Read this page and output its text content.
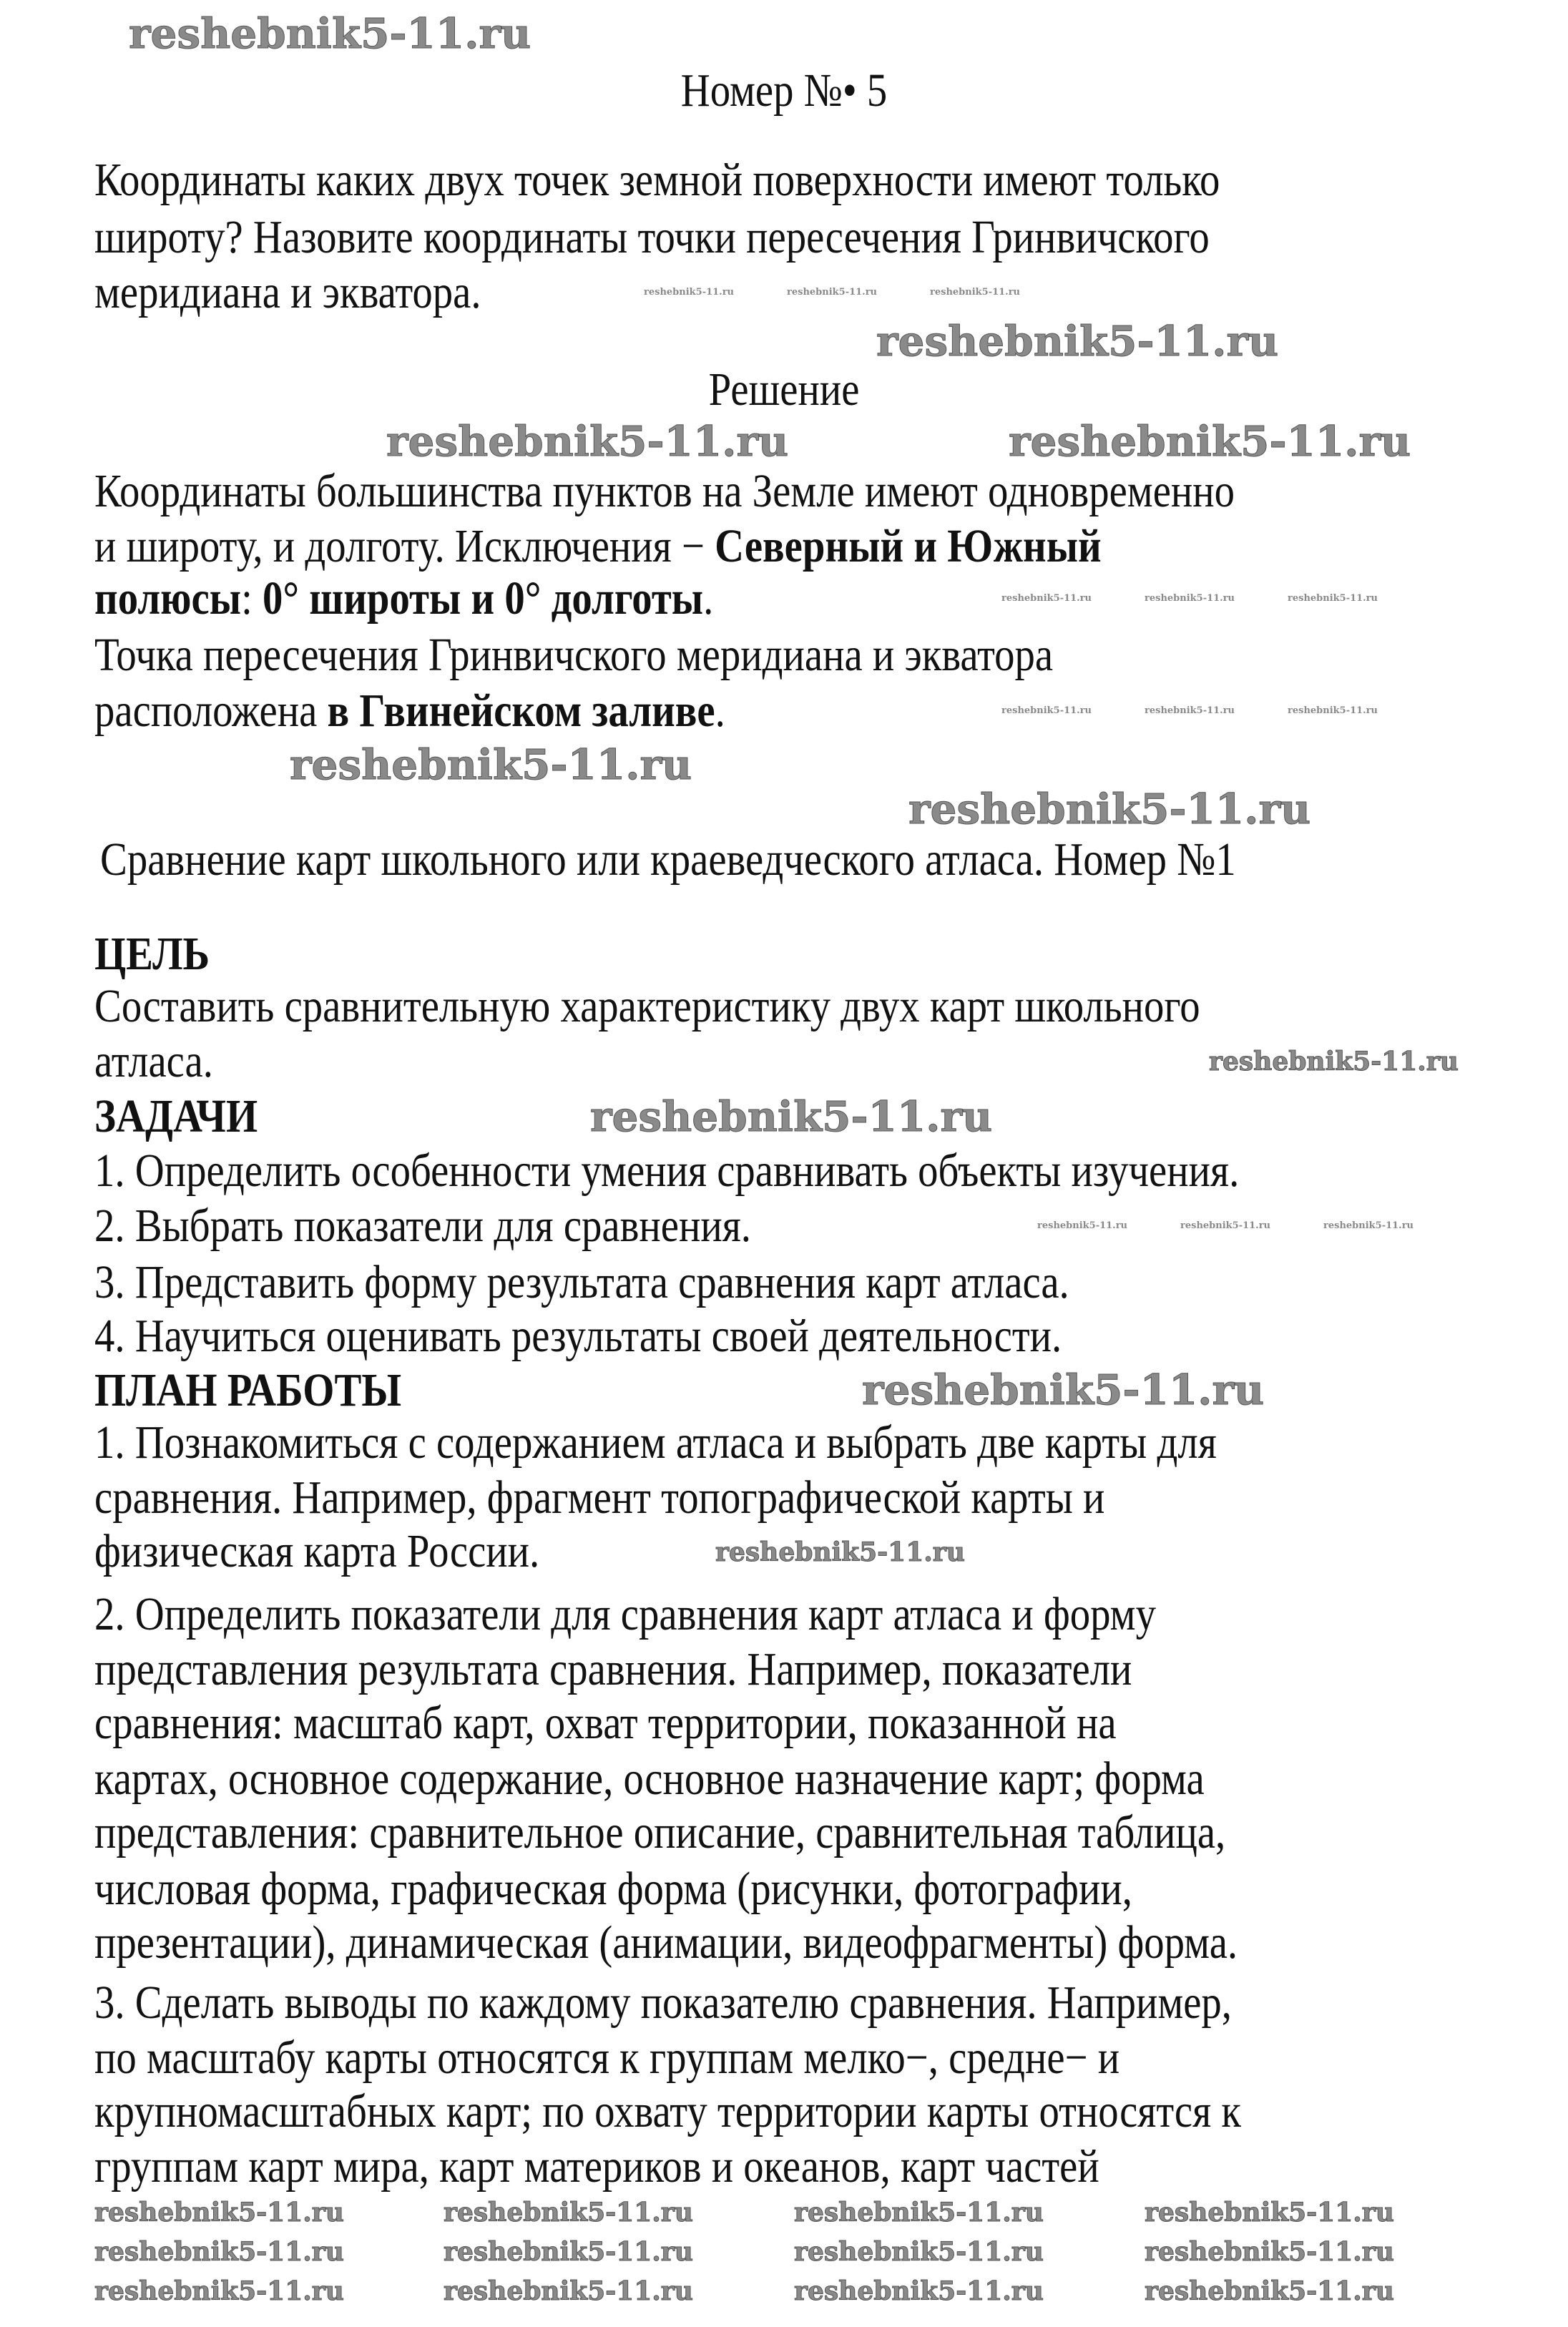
Номер №• 5
Координаты каких двух точек земной поверхности имеют только
широту? Назовите координаты точки пересечения Гринвичского
меридиана и экватора.
Решение
Координаты большинства пунктов на Земле имеют одновременно
и широту, и долготу. Исключения − Северный и Южный
полюсы: 0° широты и 0° долготы.
Точка пересечения Гринвичского меридиана и экватора
расположена в Гвинейском заливе.
Сравнение карт школьного или краеведческого атласа. Номер №1
ЦЕЛЬ
Составить сравнительную характеристику двух карт школьного
атласа.
ЗАДАЧИ
1. Определить особенности умения сравнивать объекты изучения.
2. Выбрать показатели для сравнения.
3. Представить форму результата сравнения карт атласа.
4. Научиться оценивать результаты своей деятельности.
ПЛАН РАБОТЫ
1. Познакомиться с содержанием атласа и выбрать две карты для
сравнения. Например, фрагмент топографической карты и
физическая карта России.
2. Определить показатели для сравнения карт атласа и форму
представления результата сравнения. Например, показатели
сравнения: масштаб карт, охват территории, показанной на
картах, основное содержание, основное назначение карт; форма
представления: сравнительное описание, сравнительная таблица,
числовая форма, графическая форма (рисунки, фотографии,
презентации), динамическая (анимации, видеофрагменты) форма.
3. Сделать выводы по каждому показателю сравнения. Например,
по масштабу карты относятся к группам мелко−, средне− и
крупномасштабных карт; по охвату территории карты относятся к
группам карт мира, карт материков и океанов, карт частей
reshebnik5-11.ru
reshebnik5-11.ru
reshebnik5-11.ru	reshebnik5-11.ru
reshebnik5-11.ru
reshebnik5-11.ru
reshebnik5-11.ru
reshebnik5-11.ru
reshebnik5-11.ru
reshebnik5-11.ru
reshebnik5-11.ru	reshebnik5-11.ru	reshebnik5-11.ru	reshebnik5-11.ru
reshebnik5-11.ru	reshebnik5-11.ru	reshebnik5-11.ru	reshebnik5-11.ru
reshebnik5-11.ru	reshebnik5-11.ru	reshebnik5-11.ru	reshebnik5-11.ru
reshebnik5-11.ru	reshebnik5-11.ru	reshebnik5-11.ru
reshebnik5-11.ru	reshebnik5-11.ru	reshebnik5-11.ru
reshebnik5-11.ru	reshebnik5-11.ru	reshebnik5-11.ru
reshebnik5-11.ru	reshebnik5-11.ru	reshebnik5-11.ru
